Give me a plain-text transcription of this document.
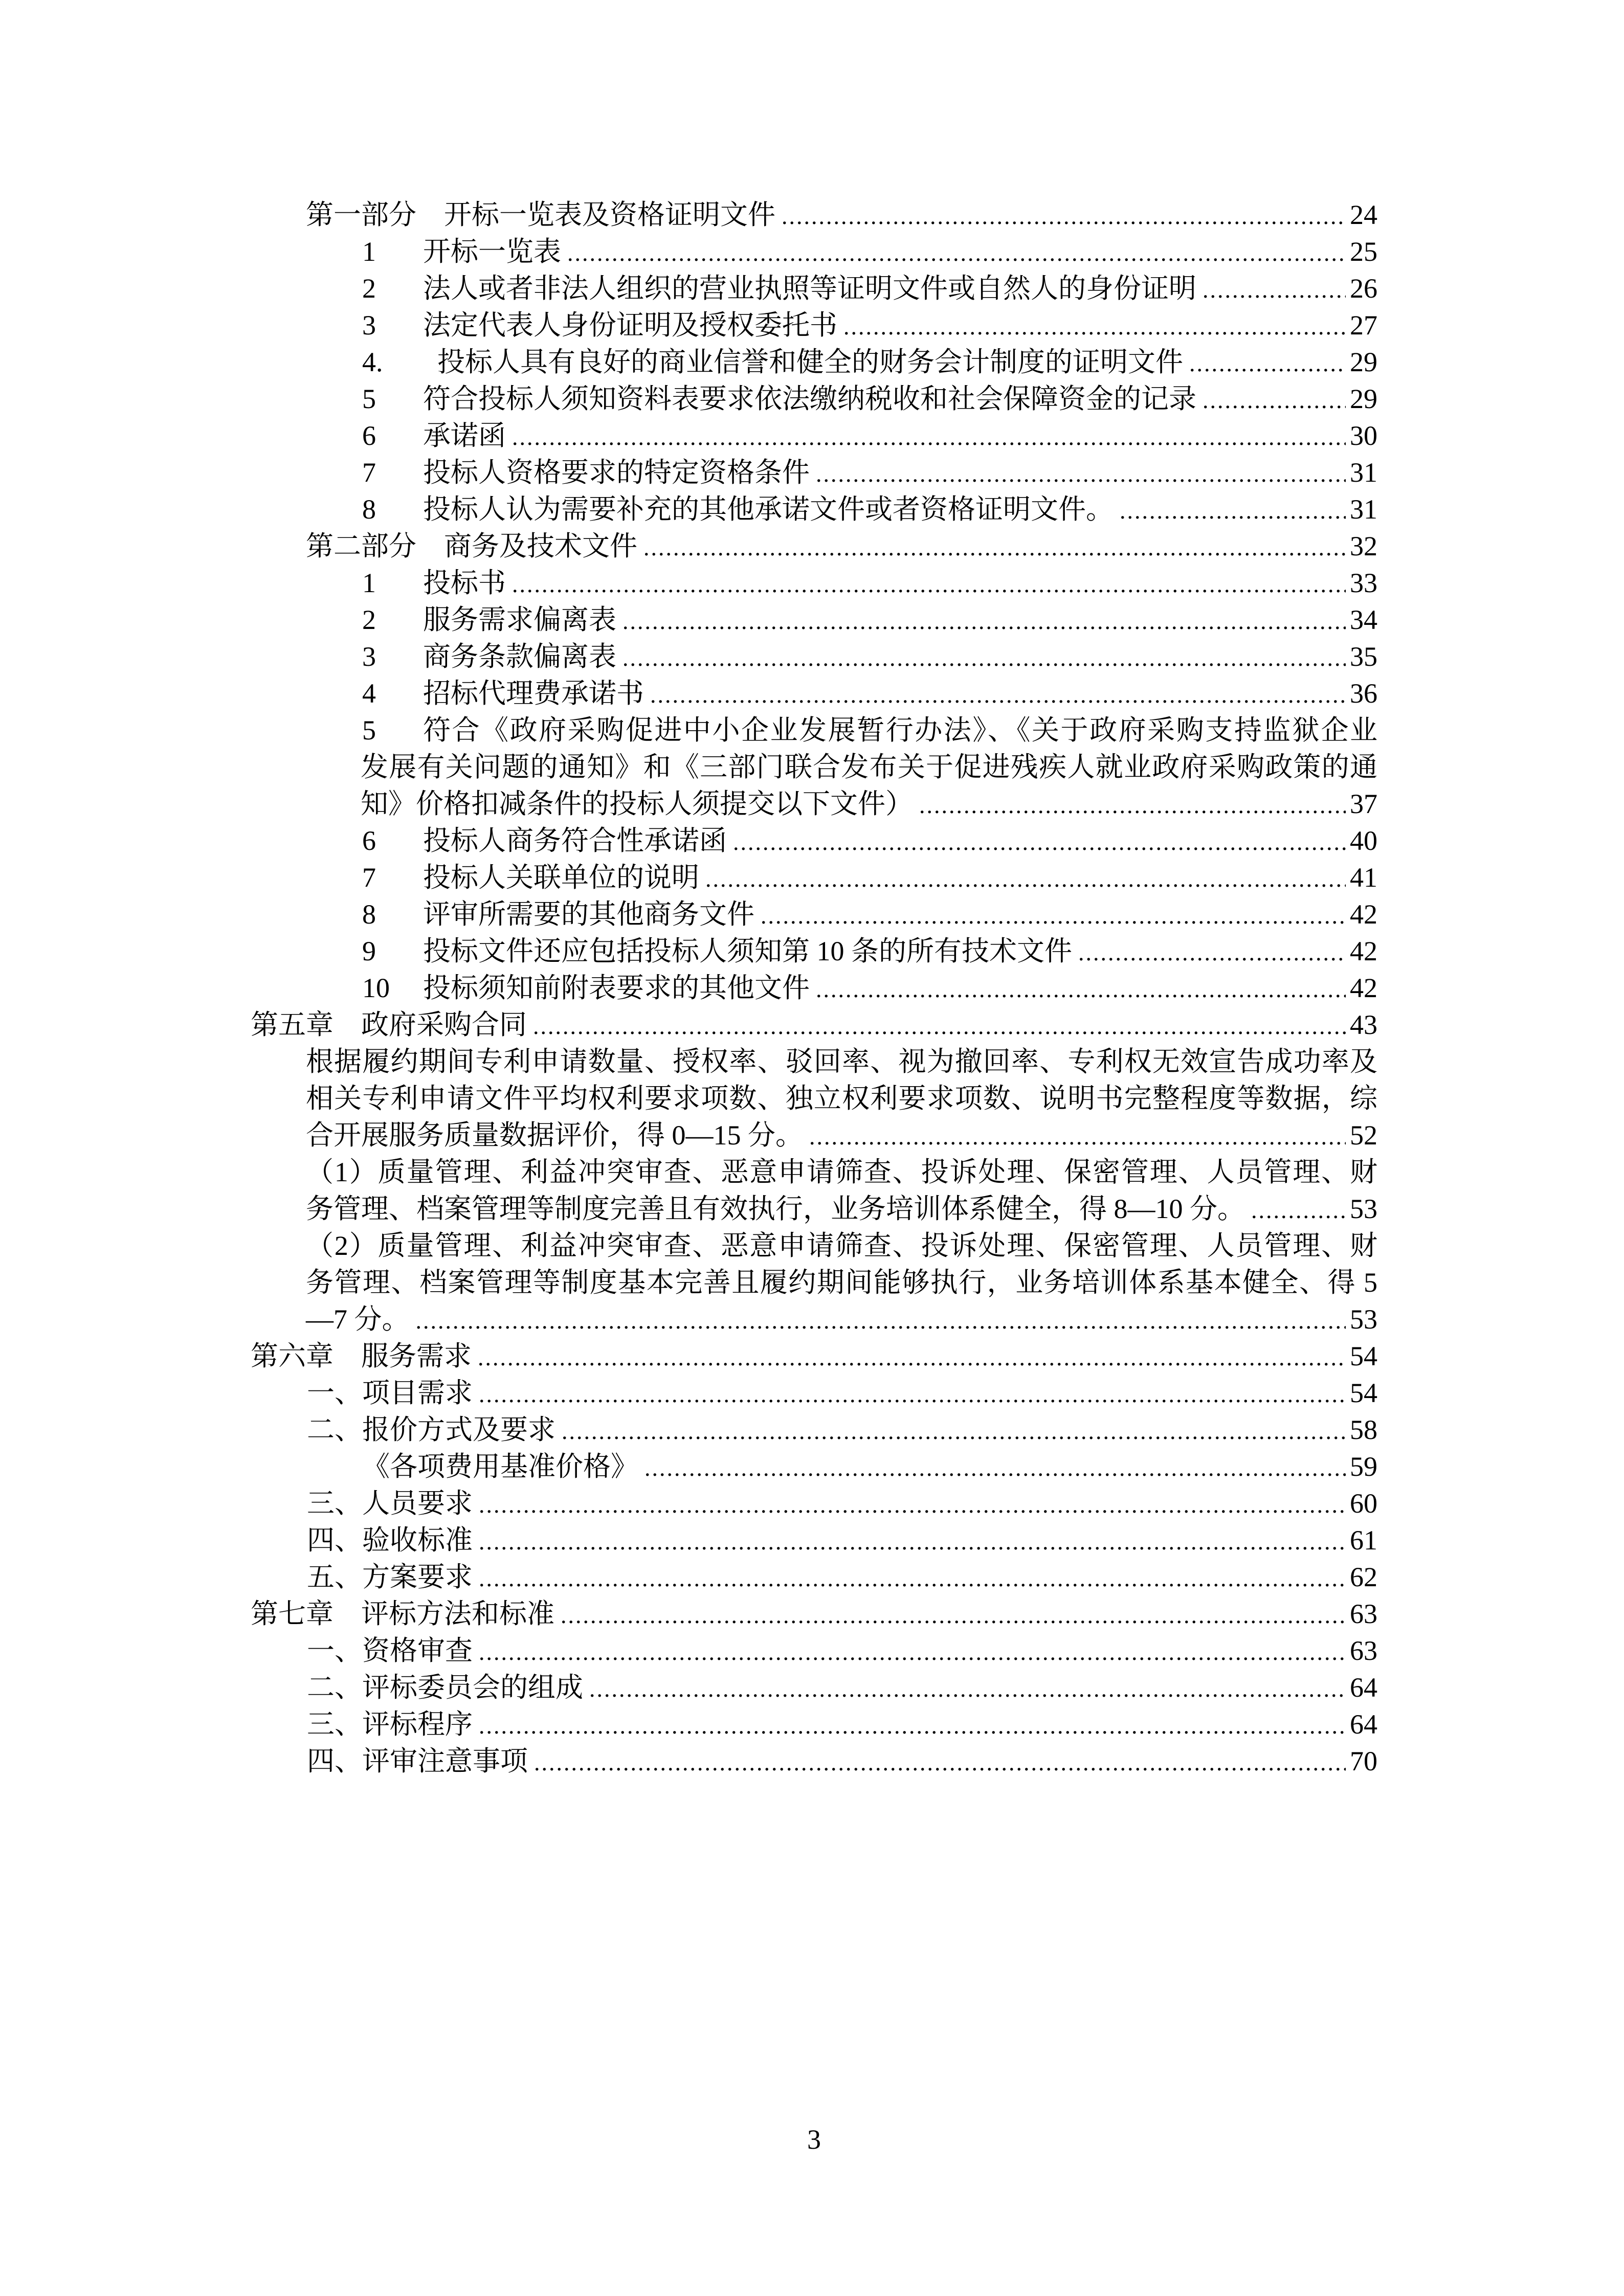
第一部分　开标一览表及资格证明文件 .....	24
1	开标一览表 .....	25
2	法人或者非法人组织的营业执照等证明文件或自然人的身份证明 .....	26
3	法定代表人身份证明及授权委托书 .....	27
4.	投标人具有良好的商业信誉和健全的财务会计制度的证明文件 .....	29
5	符合投标人须知资料表要求依法缴纳税收和社会保障资金的记录 .....	29
6	承诺函 .....	30
7	投标人资格要求的特定资格条件 .....	31
8	投标人认为需要补充的其他承诺文件或者资格证明文件。 .....	31
第二部分　商务及技术文件 .....	32
1	投标书 .....	33
2	服务需求偏离表 .....	34
3	商务条款偏离表 .....	35
4	招标代理费承诺书 .....	36
5	符合《政府采购促进中小企业发展暂行办法》、《关于政府采购支持监狱企业
发展有关问题的通知》和《三部门联合发布关于促进残疾人就业政府采购政策的通
知》价格扣减条件的投标人须提交以下文件） .....	37
6	投标人商务符合性承诺函 .....	40
7	投标人关联单位的说明 .....	41
8	评审所需要的其他商务文件 .....	42
9	投标文件还应包括投标人须知第 10 条的所有技术文件 .....	42
10	投标须知前附表要求的其他文件 .....	42
第五章　政府采购合同 .....	43
根据履约期间专利申请数量、授权率、驳回率、视为撤回率、专利权无效宣告成功率及
相关专利申请文件平均权利要求项数、独立权利要求项数、说明书完整程度等数据，综
合开展服务质量数据评价，得 0—15 分。 .....	52
（1）质量管理、利益冲突审查、恶意申请筛查、投诉处理、保密管理、人员管理、财
务管理、档案管理等制度完善且有效执行，业务培训体系健全，得 8—10 分。 .....	53
（2）质量管理、利益冲突审查、恶意申请筛查、投诉处理、保密管理、人员管理、财
务管理、档案管理等制度基本完善且履约期间能够执行，业务培训体系基本健全、得 5
—7 分。 .....	53
第六章　服务需求 .....	54
一、项目需求 .....	54
二、报价方式及要求 .....	58
《各项费用基准价格》 .....	59
三、人员要求 .....	60
四、验收标准 .....	61
五、方案要求 .....	62
第七章　评标方法和标准 .....	63
一、资格审查 .....	63
二、评标委员会的组成 .....	64
三、评标程序 .....	64
四、评审注意事项 .....	70
3
